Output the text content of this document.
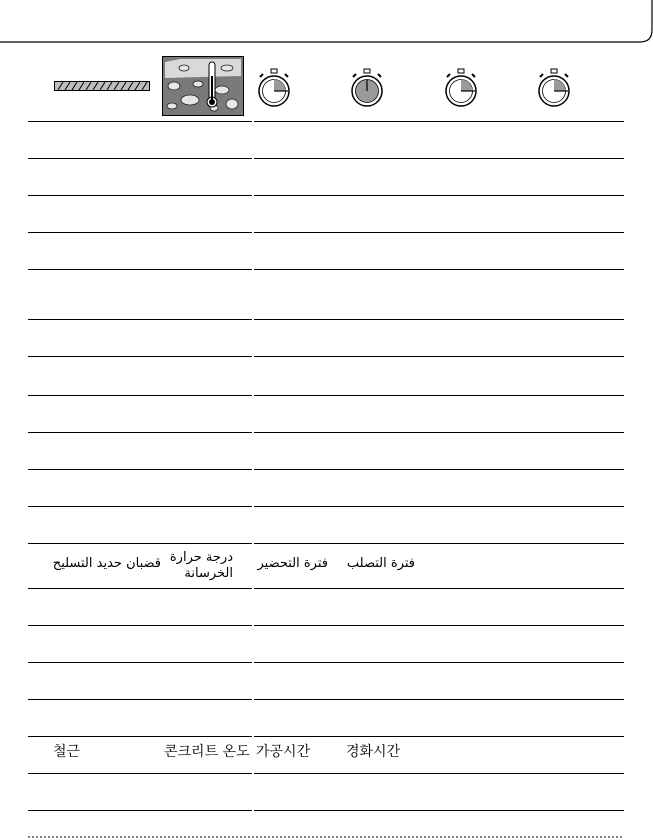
قضبان حديد التسليح درجة حرارة
الخرسانة
فترة التحضير فترة التصلب
철근	콘크리트 온도 가공시간	경화시간
